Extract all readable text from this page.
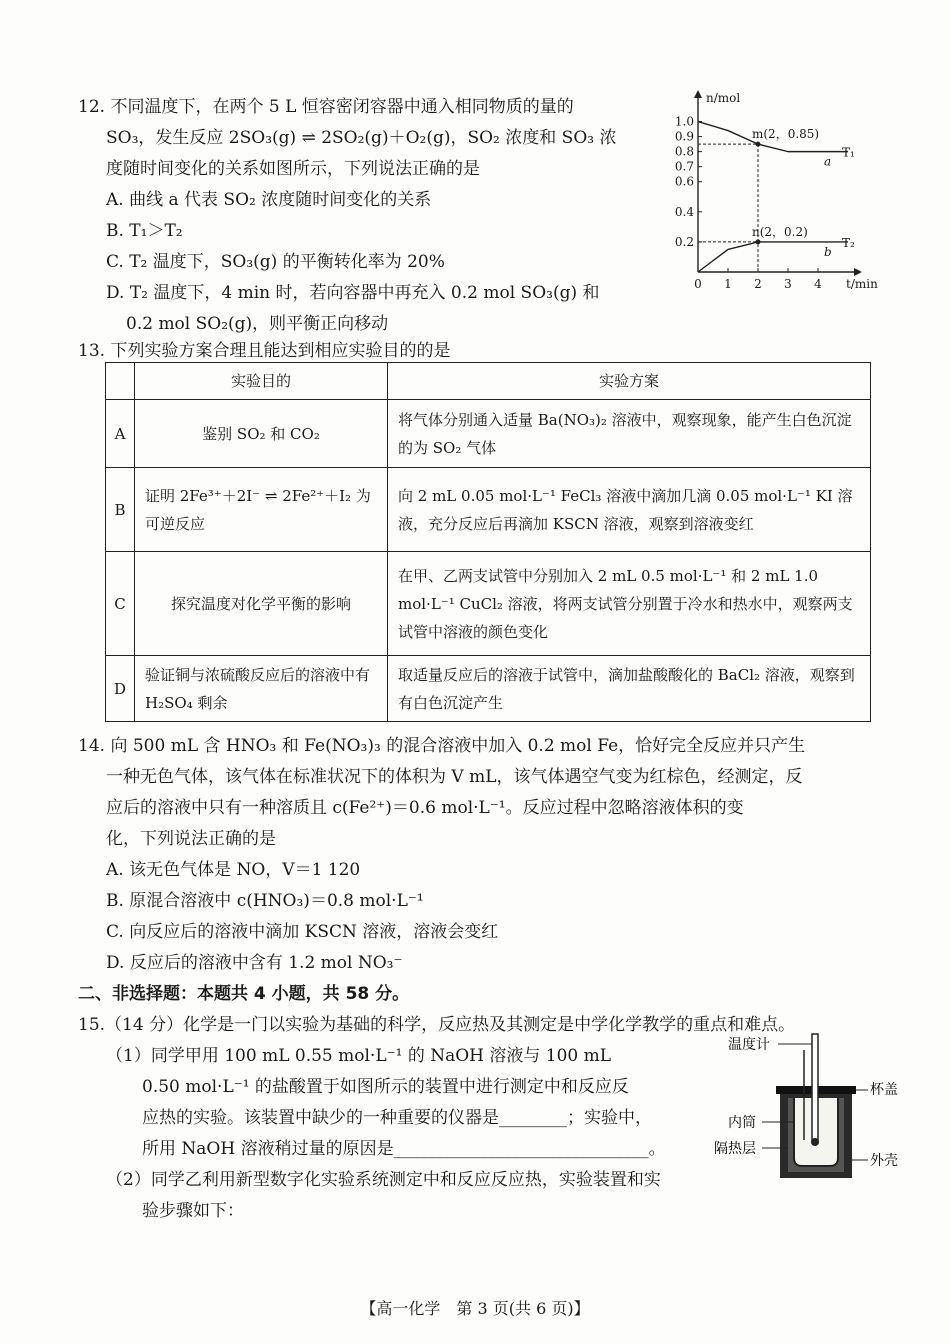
12. 不同温度下，在两个 5 L 恒容密闭容器中通入相同物质的量的
SO₃，发生反应 2SO₃(g) ⇌ 2SO₂(g)＋O₂(g)，SO₂ 浓度和 SO₃ 浓
度随时间变化的关系如图所示，下列说法正确的是
A. 曲线 a 代表 SO₂ 浓度随时间变化的关系
B. T₁＞T₂
C. T₂ 温度下，SO₃(g) 的平衡转化率为 20%
D. T₂ 温度下，4 min 时，若向容器中再充入 0.2 mol SO₃(g) 和
0.2 mol SO₂(g)，则平衡正向移动
n/mol
t/min
1.0
0.9
0.8
0.7
0.6
0.4
0.2
0 1 2 3 4
a
T₁
b
T₂
m(2，0.85)
n(2，0.2)
13. 下列实验方案合理且能达到相应实验目的的是
	实验目的	实验方案
A	鉴别 SO₂ 和 CO₂	将气体分别通入适量 Ba(NO₃)₂ 溶液中，观察现象，能产生白色沉淀的为 SO₂ 气体
B	证明 2Fe³⁺＋2I⁻ ⇌ 2Fe²⁺＋I₂ 为可逆反应	向 2 mL 0.05 mol·L⁻¹ FeCl₃ 溶液中滴加几滴 0.05 mol·L⁻¹ KI 溶液，充分反应后再滴加 KSCN 溶液，观察到溶液变红
C	探究温度对化学平衡的影响	在甲、乙两支试管中分别加入 2 mL 0.5 mol·L⁻¹ 和 2 mL 1.0 mol·L⁻¹ CuCl₂ 溶液，将两支试管分别置于冷水和热水中，观察两支试管中溶液的颜色变化
D	验证铜与浓硫酸反应后的溶液中有 H₂SO₄ 剩余	取适量反应后的溶液于试管中，滴加盐酸酸化的 BaCl₂ 溶液，观察到有白色沉淀产生
14. 向 500 mL 含 HNO₃ 和 Fe(NO₃)₃ 的混合溶液中加入 0.2 mol Fe，恰好完全反应并只产生
一种无色气体，该气体在标准状况下的体积为 V mL，该气体遇空气变为红棕色，经测定，反
应后的溶液中只有一种溶质且 c(Fe²⁺)＝0.6 mol·L⁻¹。反应过程中忽略溶液体积的变
化，下列说法正确的是
A. 该无色气体是 NO，V＝1 120
B. 原混合溶液中 c(HNO₃)＝0.8 mol·L⁻¹
C. 向反应后的溶液中滴加 KSCN 溶液，溶液会变红
D. 反应后的溶液中含有 1.2 mol NO₃⁻
二、非选择题：本题共 4 小题，共 58 分。
15.（14 分）化学是一门以实验为基础的科学，反应热及其测定是中学化学教学的重点和难点。
（1）同学甲用 100 mL 0.55 mol·L⁻¹ 的 NaOH 溶液与 100 mL
0.50 mol·L⁻¹ 的盐酸置于如图所示的装置中进行测定中和反应反
应热的实验。该装置中缺少的一种重要的仪器是________；实验中，
所用 NaOH 溶液稍过量的原因是______________________________。
（2）同学乙利用新型数字化实验系统测定中和反应反应热，实验装置和实
验步骤如下：
温度计
杯盖
内筒
隔热层
外壳
【高一化学　第 3 页(共 6 页)】
